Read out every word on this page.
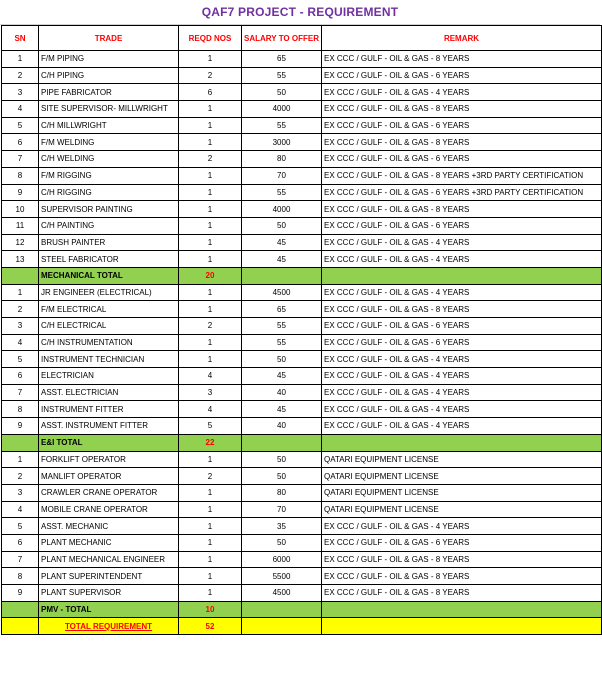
QAF7 PROJECT - REQUIREMENT
SN	TRADE	REQD NOS	SALARY TO OFFER	REMARK
1	F/M PIPING	1	65	EX CCC / GULF - OIL & GAS - 8 YEARS
2	C/H PIPING	2	55	EX CCC / GULF - OIL & GAS - 6 YEARS
3	PIPE FABRICATOR	6	50	EX CCC / GULF - OIL & GAS - 4 YEARS
4	SITE SUPERVISOR- MILLWRIGHT	1	4000	EX CCC / GULF - OIL & GAS - 8 YEARS
5	C/H MILLWRIGHT	1	55	EX CCC / GULF - OIL & GAS - 6 YEARS
6	F/M WELDING	1	3000	EX CCC / GULF - OIL & GAS - 8 YEARS
7	C/H WELDING	2	80	EX CCC / GULF - OIL & GAS - 6 YEARS
8	F/M RIGGING	1	70	EX CCC / GULF - OIL & GAS - 8 YEARS +3RD PARTY CERTIFICATION
9	C/H RIGGING	1	55	EX CCC / GULF - OIL & GAS - 6 YEARS +3RD PARTY CERTIFICATION
10	SUPERVISOR PAINTING	1	4000	EX CCC / GULF - OIL & GAS - 8 YEARS
11	C/H PAINTING	1	50	EX CCC / GULF - OIL & GAS - 6 YEARS
12	BRUSH PAINTER	1	45	EX CCC / GULF - OIL & GAS - 4 YEARS
13	STEEL FABRICATOR	1	45	EX CCC / GULF - OIL & GAS - 4 YEARS
	MECHANICAL TOTAL	20		
1	JR ENGINEER (ELECTRICAL)	1	4500	EX CCC / GULF - OIL & GAS - 4 YEARS
2	F/M ELECTRICAL	1	65	EX CCC / GULF - OIL & GAS - 8 YEARS
3	C/H ELECTRICAL	2	55	EX CCC / GULF - OIL & GAS - 6 YEARS
4	C/H INSTRUMENTATION	1	55	EX CCC / GULF - OIL & GAS - 6 YEARS
5	INSTRUMENT TECHNICIAN	1	50	EX CCC / GULF - OIL & GAS - 4 YEARS
6	ELECTRICIAN	4	45	EX CCC / GULF - OIL & GAS - 4 YEARS
7	ASST. ELECTRICIAN	3	40	EX CCC / GULF - OIL & GAS - 4 YEARS
8	INSTRUMENT FITTER	4	45	EX CCC / GULF - OIL & GAS - 4 YEARS
9	ASST. INSTRUMENT FITTER	5	40	EX CCC / GULF - OIL & GAS - 4 YEARS
	E&I TOTAL	22		
1	FORKLIFT OPERATOR	1	50	QATARI EQUIPMENT LICENSE
2	MANLIFT OPERATOR	2	50	QATARI EQUIPMENT LICENSE
3	CRAWLER CRANE OPERATOR	1	80	QATARI EQUIPMENT LICENSE
4	MOBILE CRANE OPERATOR	1	70	QATARI EQUIPMENT LICENSE
5	ASST. MECHANIC	1	35	EX CCC / GULF - OIL & GAS - 4 YEARS
6	PLANT MECHANIC	1	50	EX CCC / GULF - OIL & GAS - 6 YEARS
7	PLANT MECHANICAL ENGINEER	1	6000	EX CCC / GULF - OIL & GAS - 8 YEARS
8	PLANT SUPERINTENDENT	1	5500	EX CCC / GULF - OIL & GAS - 8 YEARS
9	PLANT SUPERVISOR	1	4500	EX CCC / GULF - OIL & GAS - 8 YEARS
	PMV - TOTAL	10		
	TOTAL REQUIREMENT	52		
